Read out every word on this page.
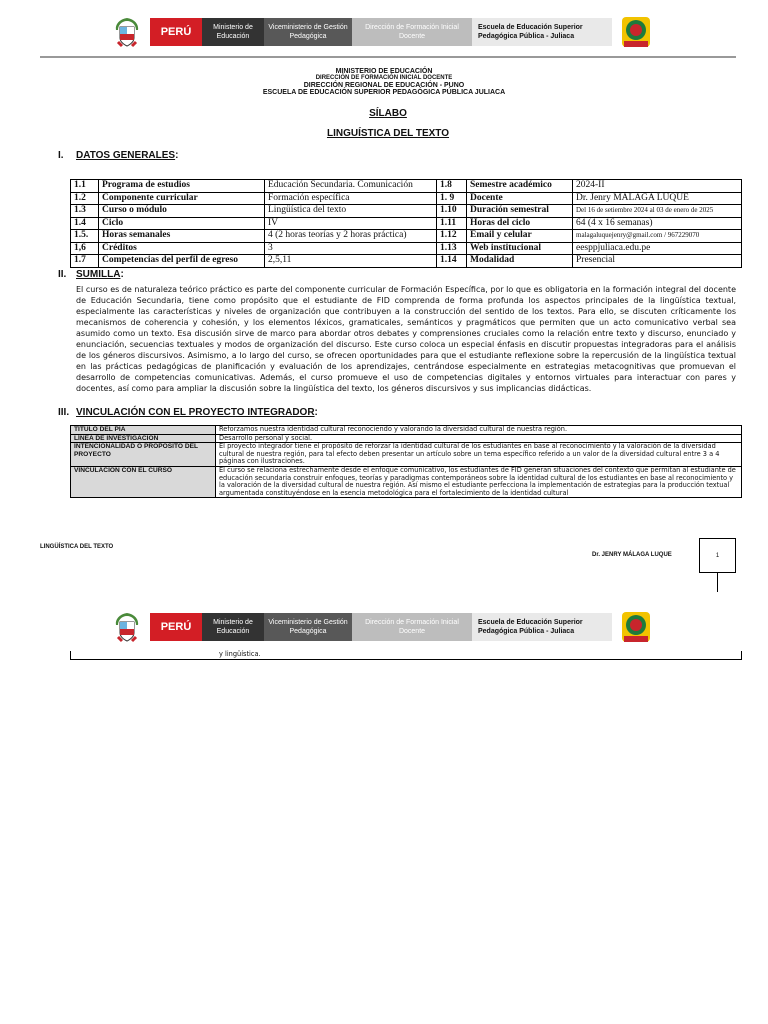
PERÚ	Ministerio de Educación
Viceministerio de Gestión Pedagógica
Dirección de Formación Inicial Docente
Escuela de Educación Superior Pedagógica Pública - Juliaca
MINISTERIO DE EDUCACIÓN
DIRECCIÓN DE FORMACIÓN INICIAL DOCENTE
DIRECCIÓN REGIONAL DE EDUCACIÓN - PUNO
ESCUELA DE EDUCACIÓN SUPERIOR PEDAGÓGICA PÚBLICA JULIACA
SÍLABO
LINGUÍSTICA DEL TEXTO
I. DATOS GENERALES:
1.1	Programa de estudios	Educación Secundaria. Comunicación	1.8	Semestre académico	2024-II
1.2	Componente curricular	Formación específica	1. 9	Docente	Dr. Jenry MÁLAGA LUQUE
1.3	Curso o módulo	Lingüística del texto	1.10	Duración semestral	Del 16 de setiembre 2024 al 03 de enero de 2025
1.4	Ciclo	IV	1.11	Horas del ciclo	64 (4 x 16 semanas)
1.5.	Horas semanales	4 (2 horas teorías y 2 horas práctica)	1.12	Email y celular	malagaluquejenry@gmail.com / 967229070
1,6	Créditos	3	1.13	Web institucional	eesppjuliaca.edu.pe
1.7	Competencias del perfil de egreso	2,5,11	1.14	Modalidad	Presencial
II. SUMILLA:
El curso es de naturaleza teórico práctico es parte del componente curricular de Formación Específica, por lo que es obligatoria en la formación integral del docente de Educación Secundaria, tiene como propósito que el estudiante de FID comprenda de forma profunda los aspectos principales de la lingüística textual, especialmente las características y niveles de organización que contribuyen a la construcción del sentido de los textos. Para ello, se discuten críticamente los mecanismos de coherencia y cohesión, y los elementos léxicos, gramaticales, semánticos y pragmáticos que permiten que un acto comunicativo verbal sea asumido como un texto. Esa discusión sirve de marco para abordar otros debates y comprensiones cruciales como la relación entre texto y discurso, enunciado y enunciación, secuencias textuales y modos de organización del discurso. Este curso coloca un especial énfasis en discutir propuestas integradoras para el análisis de los géneros discursivos. Asimismo, a lo largo del curso, se ofrecen oportunidades para que el estudiante reflexione sobre la repercusión de la lingüística textual en las prácticas pedagógicas de planificación y evaluación de los aprendizajes, centrándose especialmente en estrategias metacognitivas que promuevan el desarrollo de competencias comunicativas. Además, el curso promueve el uso de competencias digitales y entornos virtuales para interactuar con pares y docentes, así como para ampliar la discusión sobre la lingüística del texto, los géneros discursivos y sus implicancias didácticas.
III. VINCULACIÓN CON EL PROYECTO INTEGRADOR:
TÍTULO DEL PIA	Reforzamos nuestra identidad cultural reconociendo y valorando la diversidad cultural de nuestra región.
LÍNEA DE INVESTIGACIÓN	Desarrollo personal y social.
INTENCIONALIDAD O PROPÓSITO DEL PROYECTO	El proyecto integrador tiene el propósito de reforzar la identidad cultural de los estudiantes en base al reconocimiento y la valoración de la diversidad cultural de nuestra región, para tal efecto deben presentar un artículo sobre un tema específico referido a un valor de la diversidad cultural entre 3 a 4 páginas con ilustraciones.
VINCULACIÓN CON EL CURSO	El curso se relaciona estrechamente desde el enfoque comunicativo, los estudiantes de FID generan situaciones del contexto que permitan al estudiante de educación secundaria construir enfoques, teorías y paradigmas contemporáneos sobre la identidad cultural de los estudiantes en base al reconocimiento y la valoración de la diversidad cultural de nuestra región. Así mismo el estudiante perfecciona la implementación de estrategias para la producción textual argumentada constituyéndose en la esencia metodológica para el fortalecimiento de la identidad cultural
LINGÜÍSTICA DEL TEXTO
Dr. JENRY MÁLAGA LUQUE	1
PERÚ	Ministerio de Educación
Viceministerio de Gestión Pedagógica
Dirección de Formación Inicial Docente
Escuela de Educación Superior Pedagógica Pública - Juliaca
y lingüística.
